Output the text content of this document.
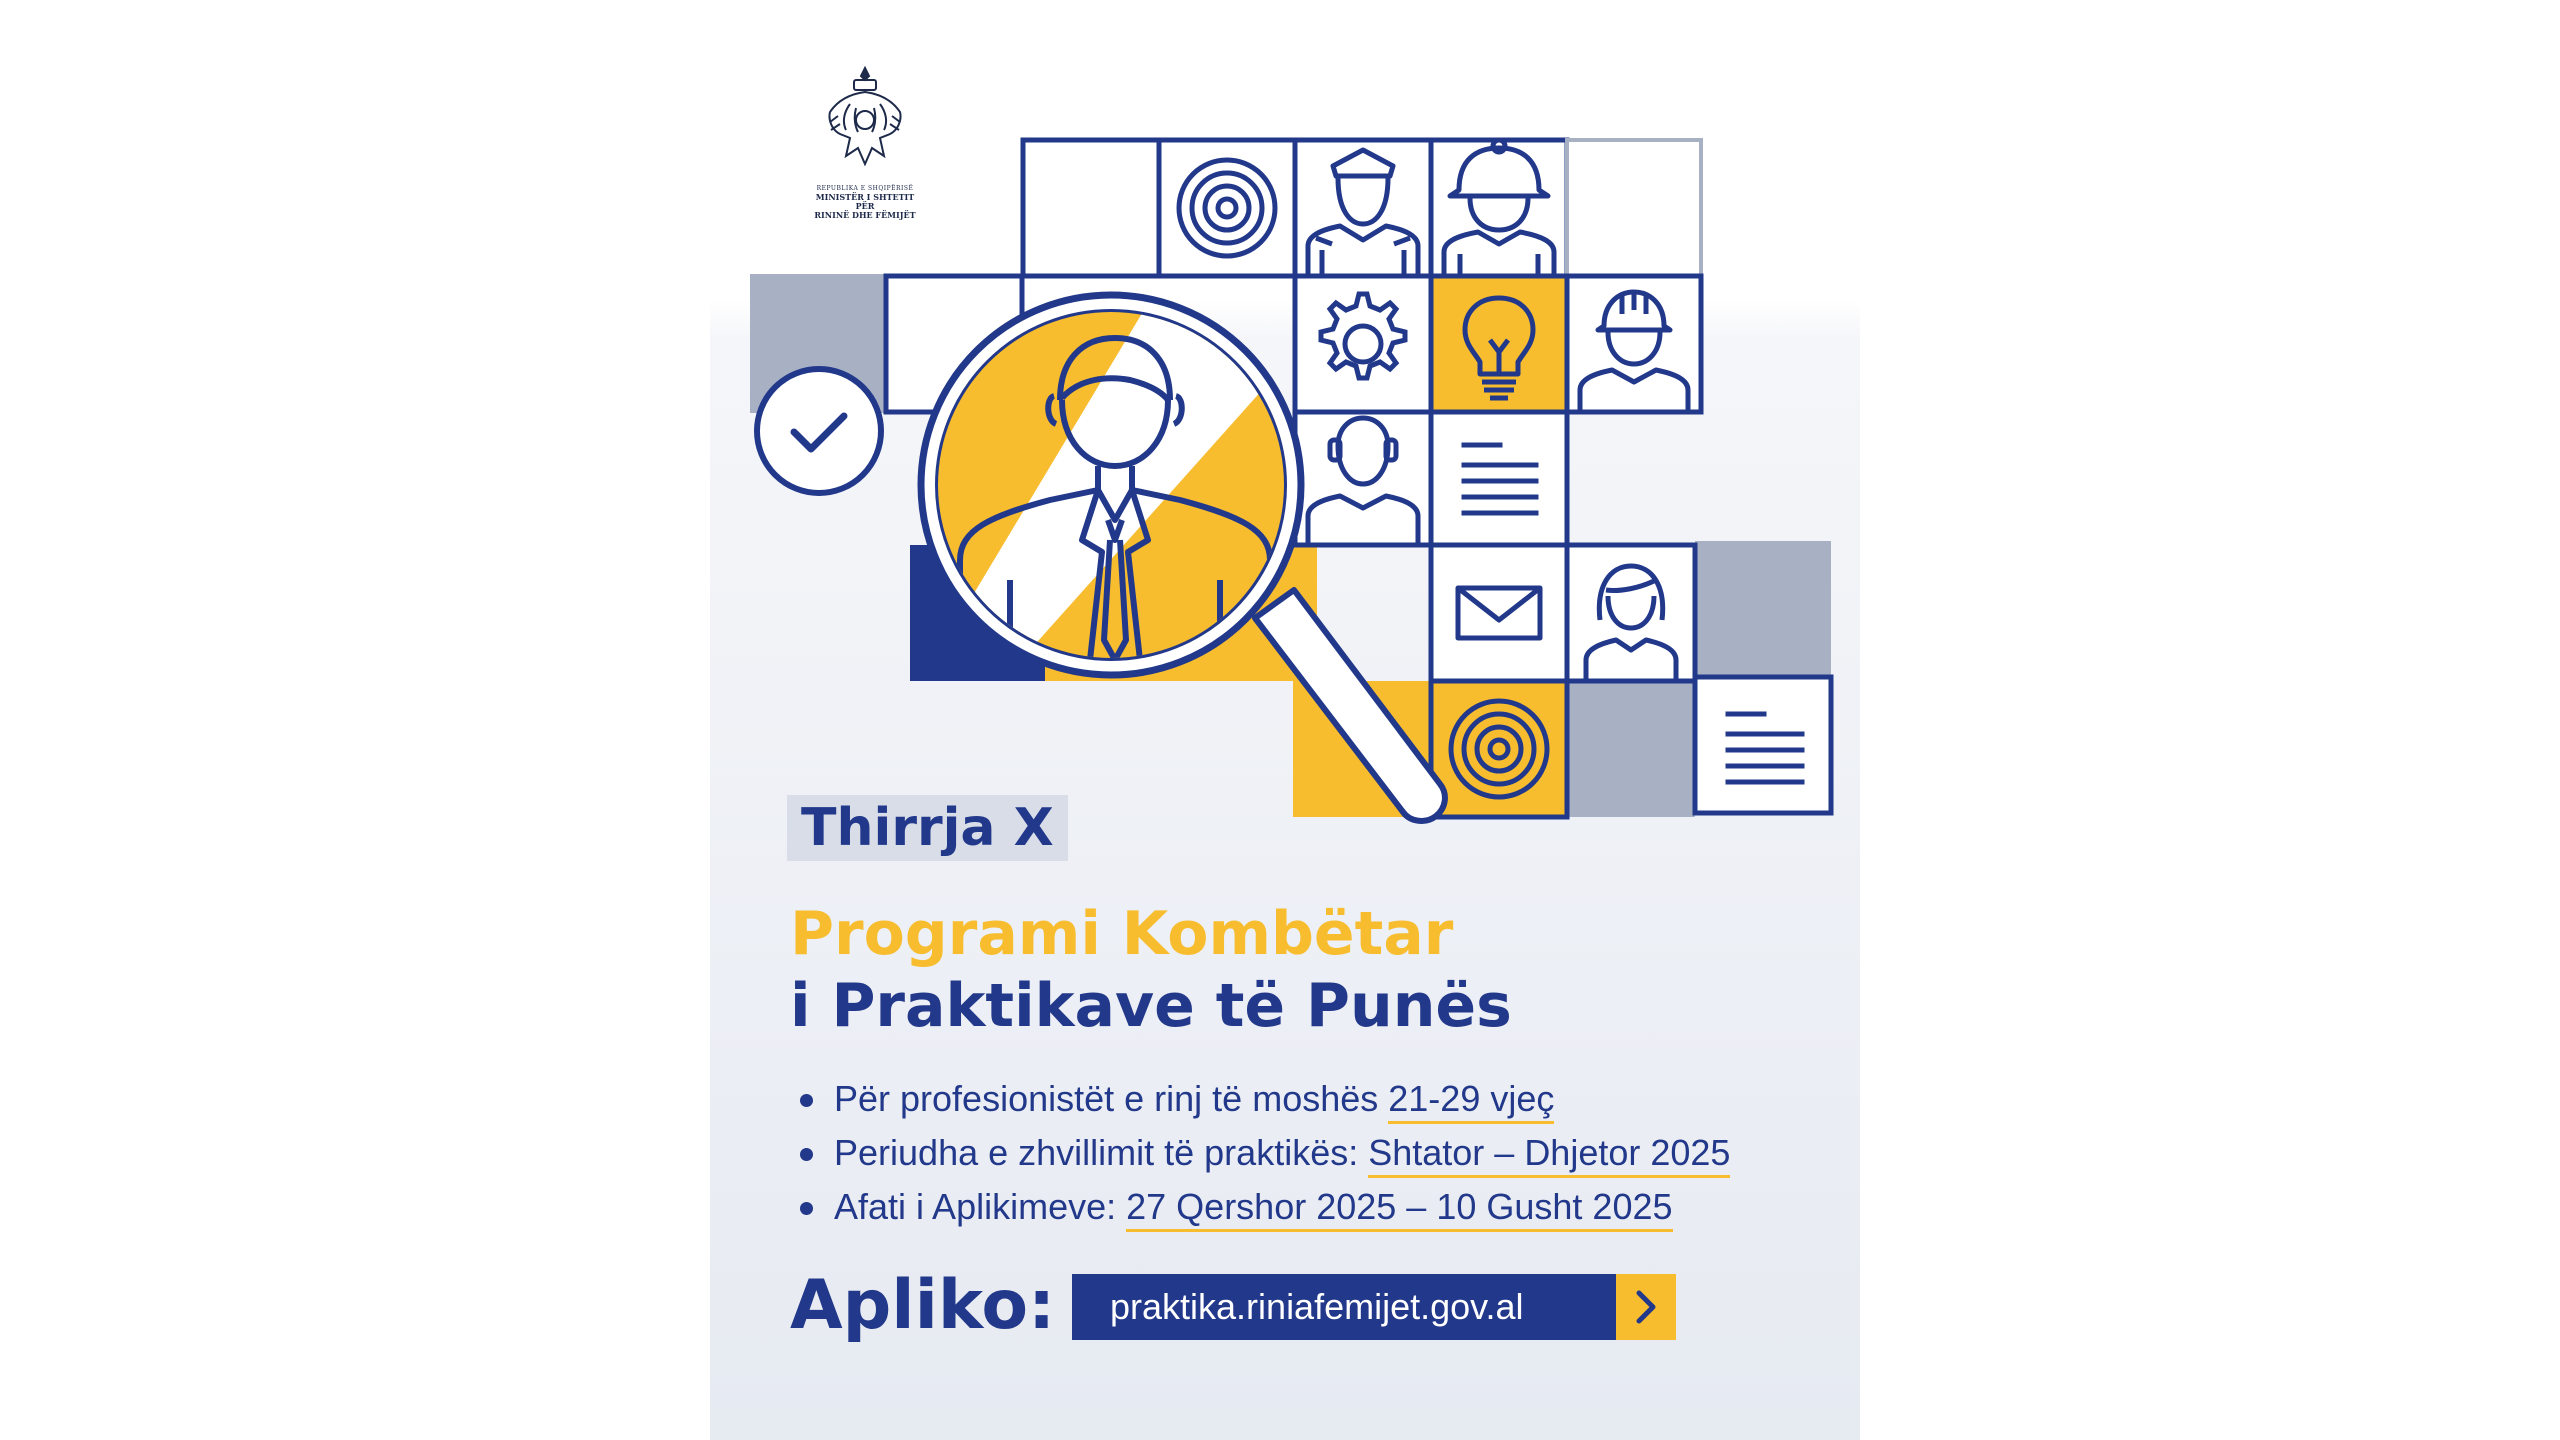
REPUBLIKA E SHQIPËRISË
MINISTËR I SHTETIT PËR
RININË DHE FËMIJËT
Thirrja X
Programi Kombëtar
i Praktikave të Punës
Për profesionistët e rinj të moshës 21-29 vjeç
Periudha e zhvillimit të praktikës: Shtator – Dhjetor 2025
Afati i Aplikimeve: 27 Qershor 2025 – 10 Gusht 2025
Apliko:	praktika.riniafemijet.gov.al
